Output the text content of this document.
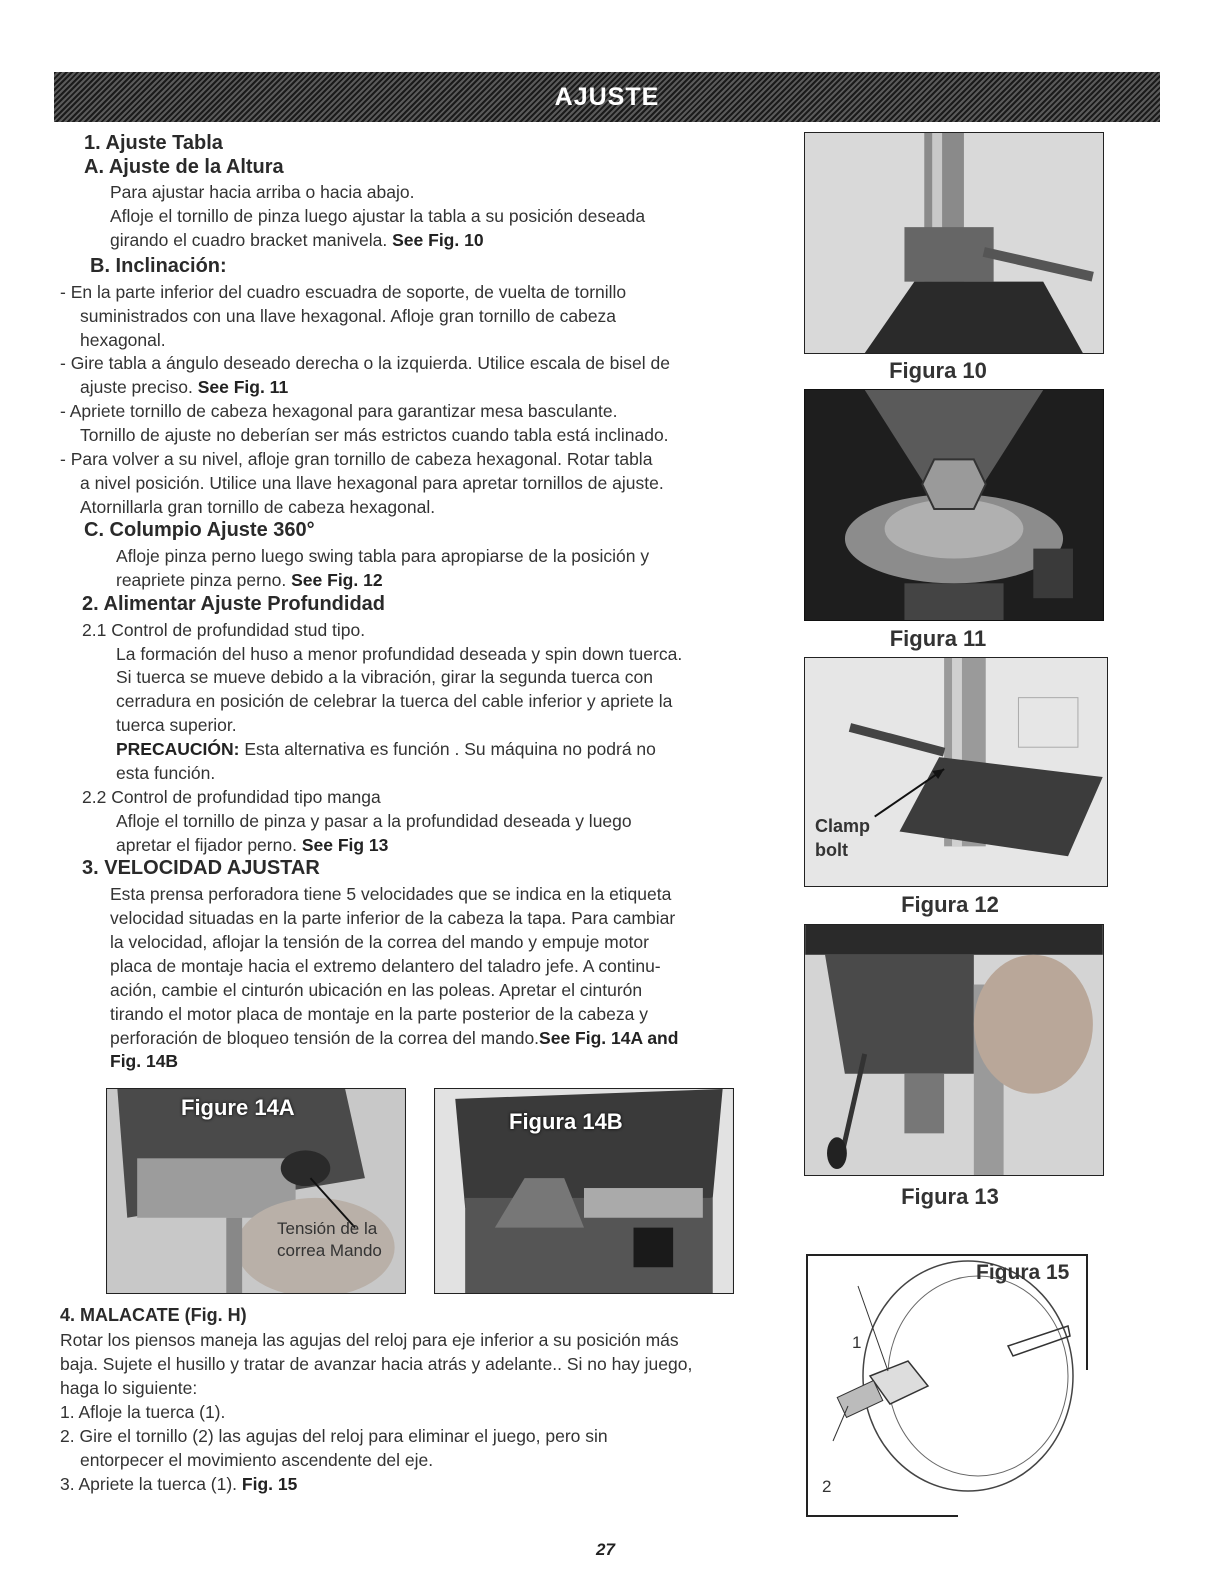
AJUSTE
1. Ajuste Tabla
A. Ajuste de la Altura
Para ajustar hacia arriba o hacia abajo.
Afloje el tornillo de pinza luego ajustar la tabla a su posición deseada
girando el cuadro bracket manivela. See Fig. 10
B. Inclinación:
- En la parte inferior del cuadro escuadra de soporte, de vuelta de tornillo
suministrados con una llave hexagonal. Afloje gran tornillo de cabeza
hexagonal.
- Gire tabla a ángulo deseado derecha o la izquierda. Utilice escala de bisel de
ajuste preciso. See Fig. 11
- Apriete tornillo de cabeza hexagonal para garantizar mesa basculante.
Tornillo de ajuste no deberían ser más estrictos cuando tabla está inclinado.
- Para volver a su nivel, afloje gran tornillo de cabeza hexagonal. Rotar tabla
a nivel posición. Utilice una llave hexagonal para apretar tornillos de ajuste.
Atornillarla gran tornillo de cabeza hexagonal.
C. Columpio Ajuste 360°
Afloje pinza perno luego swing tabla para apropiarse de la posición y
reapriete pinza perno. See Fig. 12
2. Alimentar Ajuste Profundidad
2.1 Control de profundidad stud tipo.
La formación del huso a menor profundidad deseada y spin down tuerca.
Si tuerca se mueve debido a la vibración, girar la segunda tuerca con
cerradura en posición de celebrar la tuerca del cable inferior y apriete la
tuerca superior.
PRECAUCIÓN: Esta alternativa es función . Su máquina no podrá no
esta función.
2.2 Control de profundidad tipo manga
Afloje el tornillo de pinza y pasar a la profundidad deseada y luego
apretar el fijador perno. See Fig 13
3. VELOCIDAD AJUSTAR
Esta prensa perforadora tiene 5 velocidades que se indica en la etiqueta
velocidad situadas en la parte inferior de la cabeza la tapa. Para cambiar
la velocidad, aflojar la tensión de la correa del mando y empuje motor
placa de montaje hacia el extremo delantero del taladro jefe. A continu-
ación, cambie el cinturón ubicación en las poleas. Apretar el cinturón
tirando el motor placa de montaje en la parte posterior de la cabeza y
perforación de bloqueo tensión de la correa del mando.See Fig. 14A and
Fig. 14B
4. MALACATE (Fig. H)
Rotar los piensos maneja las agujas del reloj para eje inferior a su posición más
baja. Sujete el husillo y tratar de avanzar hacia atrás y adelante.. Si no hay juego,
haga lo siguiente:
1. Afloje la tuerca (1).
2. Gire el tornillo (2) las agujas del reloj para eliminar el juego, pero sin
entorpecer el movimiento ascendente del eje.
3. Apriete la tuerca (1). Fig. 15
Figura 10
Figura 11
Clamp
bolt
Figura 12
Figura 13
1
2
Figura 15
Figure 14A
Tensión de la
correa Mando
Figura 14B
27
